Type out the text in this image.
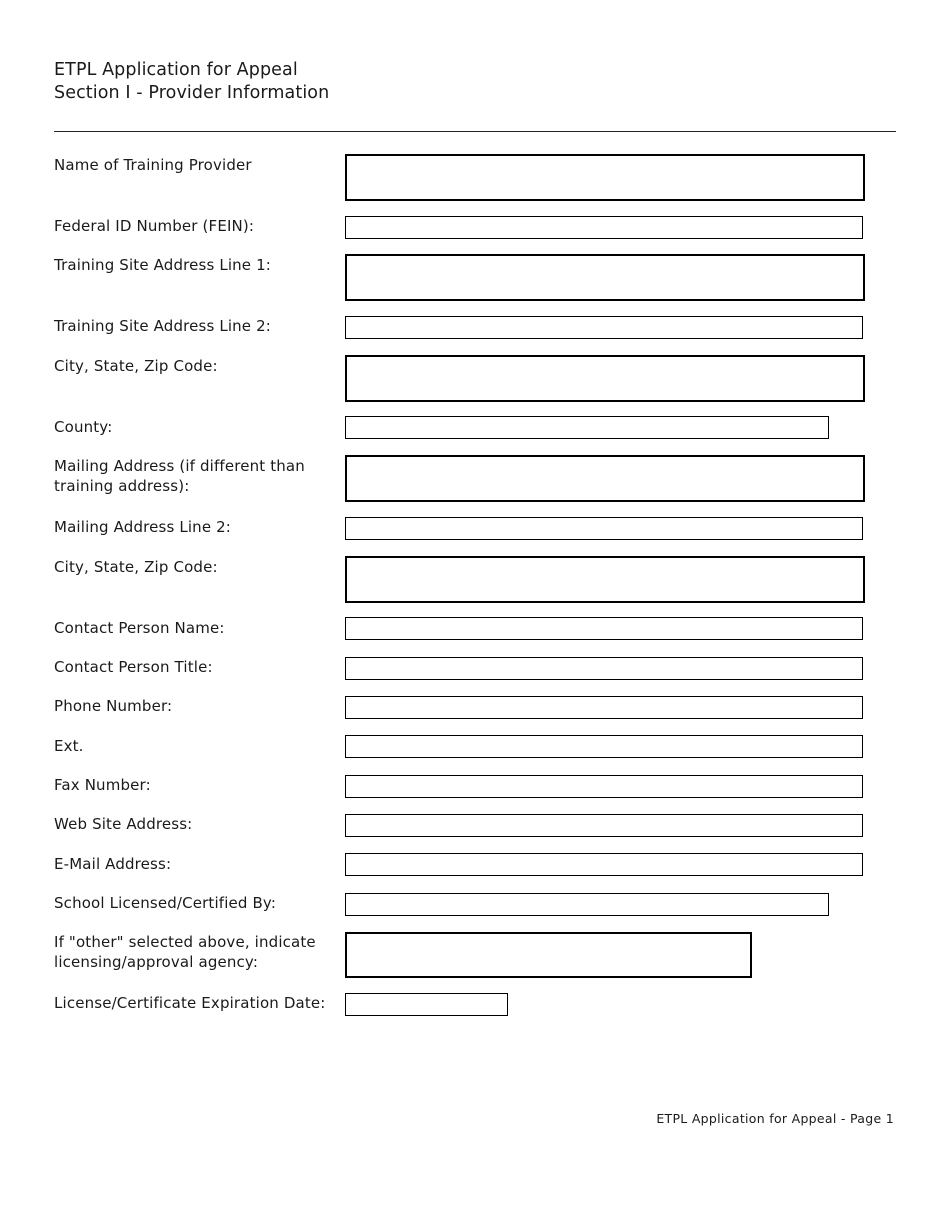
ETPL Application for Appeal
Section I - Provider Information
Name of Training Provider
Federal ID Number (FEIN):
Training Site Address Line 1:
Training Site Address Line 2:
City, State, Zip Code:
County:
Mailing Address (if different than training address):
Mailing Address Line 2:
City, State, Zip Code:
Contact Person Name:
Contact Person Title:
Phone Number:
Ext.
Fax Number:
Web Site Address:
E-Mail Address:
School Licensed/Certified By:
If "other" selected above, indicate licensing/approval agency:
License/Certificate Expiration Date:
ETPL Application for Appeal - Page 1
